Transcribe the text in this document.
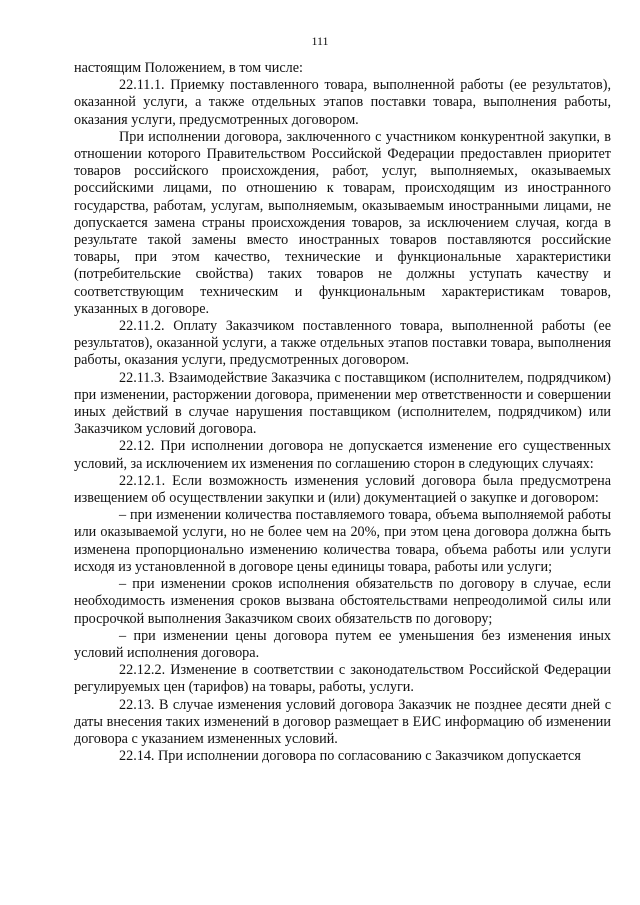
111

настоящим Положением, в том числе:

22.11.1. Приемку поставленного товара, выполненной работы (ее результатов), оказанной услуги, а также отдельных этапов поставки товара, выполнения работы, оказания услуги, предусмотренных договором.

При исполнении договора, заключенного с участником конкурентной закупки, в отношении которого Правительством Российской Федерации предоставлен приоритет товаров российского происхождения, работ, услуг, выполняемых, оказываемых российскими лицами, по отношению к товарам, происходящим из иностранного государства, работам, услугам, выполняемым, оказываемым иностранными лицами, не допускается замена страны происхождения товаров, за исключением случая, когда в результате такой замены вместо иностранных товаров поставляются российские товары, при этом качество, технические и функциональные характеристики (потребительские свойства) таких товаров не должны уступать качеству и соответствующим техническим и функциональным характеристикам товаров, указанных в договоре.

22.11.2. Оплату Заказчиком поставленного товара, выполненной работы (ее результатов), оказанной услуги, а также отдельных этапов поставки товара, выполнения работы, оказания услуги, предусмотренных договором.

22.11.3. Взаимодействие Заказчика с поставщиком (исполнителем, подрядчиком) при изменении, расторжении договора, применении мер ответственности и совершении иных действий в случае нарушения поставщиком (исполнителем, подрядчиком) или Заказчиком условий договора.

22.12. При исполнении договора не допускается изменение его существенных условий, за исключением их изменения по соглашению сторон в следующих случаях:

22.12.1. Если возможность изменения условий договора была предусмотрена извещением об осуществлении закупки и (или) документацией о закупке и договором:

– при изменении количества поставляемого товара, объема выполняемой работы или оказываемой услуги, но не более чем на 20%, при этом цена договора должна быть изменена пропорционально изменению количества товара, объема работы или услуги исходя из установленной в договоре цены единицы товара, работы или услуги;

– при изменении сроков исполнения обязательств по договору в случае, если необходимость изменения сроков вызвана обстоятельствами непреодолимой силы или просрочкой выполнения Заказчиком своих обязательств по договору;

– при изменении цены договора путем ее уменьшения без изменения иных условий исполнения договора.

22.12.2. Изменение в соответствии с законодательством Российской Федерации регулируемых цен (тарифов) на товары, работы, услуги.

22.13. В случае изменения условий договора Заказчик не позднее десяти дней с даты внесения таких изменений в договор размещает в ЕИС информацию об изменении договора с указанием измененных условий.

22.14. При исполнении договора по согласованию с Заказчиком допускается
